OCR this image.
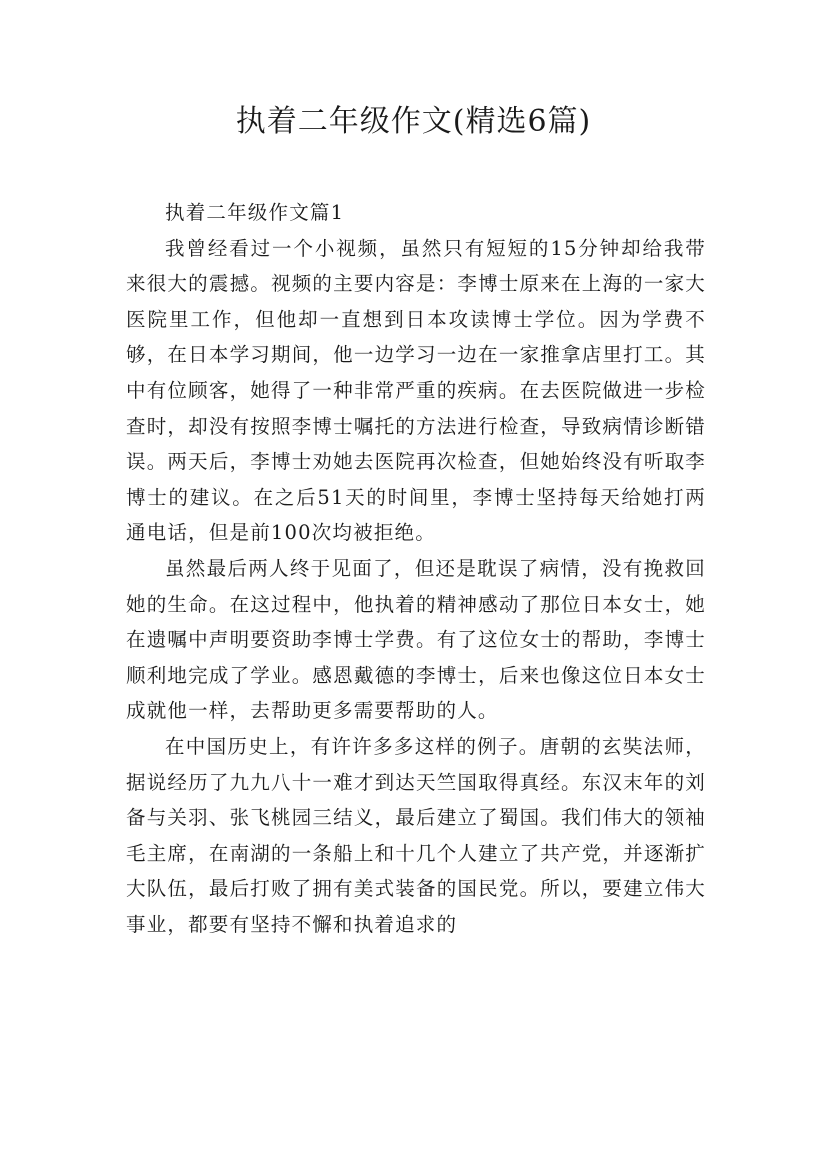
执着二年级作文(精选6篇)
执着二年级作文篇1

我曾经看过一个小视频，虽然只有短短的15分钟却给我带来很大的震撼。视频的主要内容是：李博士原来在上海的一家大医院里工作，但他却一直想到日本攻读博士学位。因为学费不够，在日本学习期间，他一边学习一边在一家推拿店里打工。其中有位顾客，她得了一种非常严重的疾病。在去医院做进一步检查时，却没有按照李博士嘱托的方法进行检查，导致病情诊断错误。两天后，李博士劝她去医院再次检查，但她始终没有听取李博士的建议。在之后51天的时间里，李博士坚持每天给她打两通电话，但是前100次均被拒绝。

虽然最后两人终于见面了，但还是耽误了病情，没有挽救回她的生命。在这过程中，他执着的精神感动了那位日本女士，她在遗嘱中声明要资助李博士学费。有了这位女士的帮助，李博士顺利地完成了学业。感恩戴德的李博士，后来也像这位日本女士成就他一样，去帮助更多需要帮助的人。

在中国历史上，有许许多多这样的例子。唐朝的玄奘法师，据说经历了九九八十一难才到达天竺国取得真经。东汉末年的刘备与关羽、张飞桃园三结义，最后建立了蜀国。我们伟大的领袖毛主席，在南湖的一条船上和十几个人建立了共产党，并逐渐扩大队伍，最后打败了拥有美式装备的国民党。所以，要建立伟大事业，都要有坚持不懈和执着追求的
